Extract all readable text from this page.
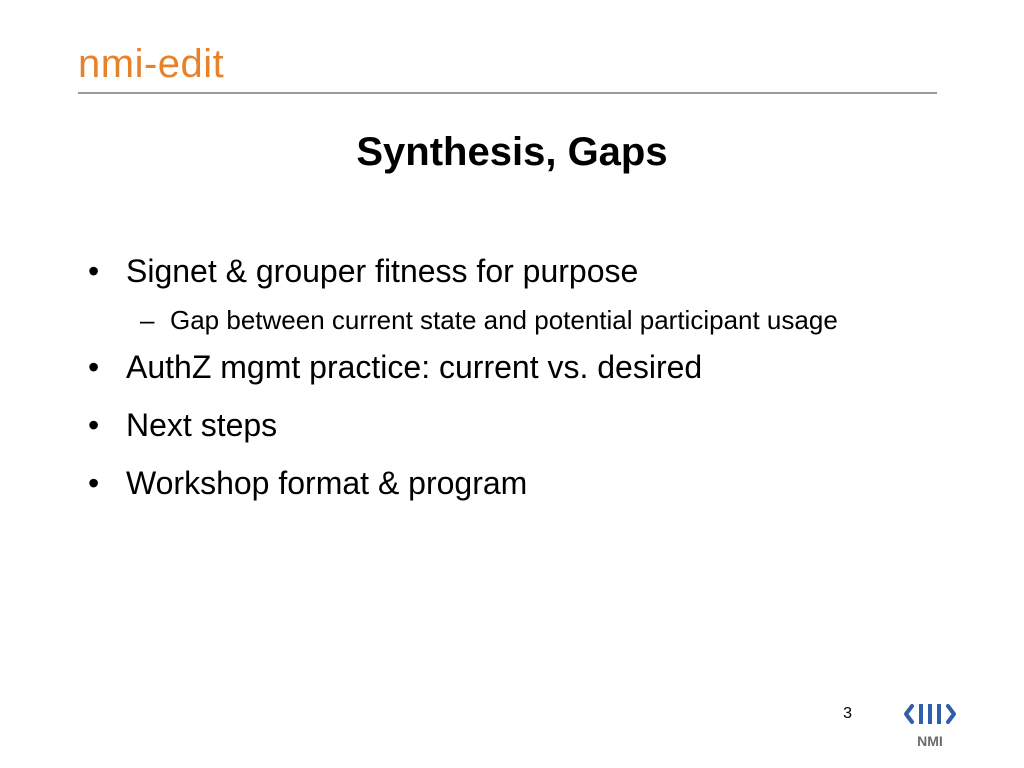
nmi-edit
Synthesis, Gaps
• Signet & grouper fitness for purpose
– Gap between current state and potential participant usage
• AuthZ mgmt practice: current vs. desired
• Next steps
• Workshop format & program
3
NMI
